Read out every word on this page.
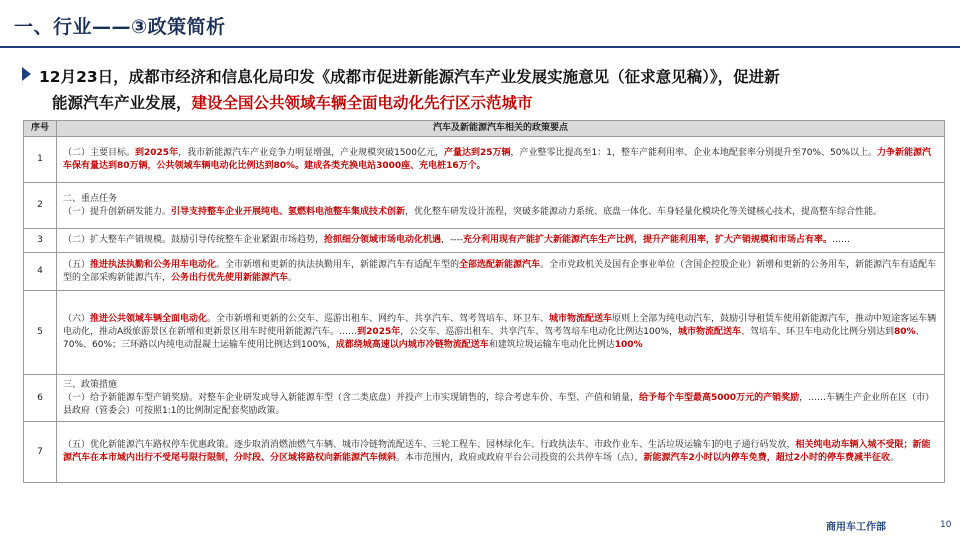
一、行业——③政策简析
12月23日，成都市经济和信息化局印发《成都市促进新能源汽车产业发展实施意见（征求意见稿）》，促进新
能源汽车产业发展，建设全国公共领域车辆全面电动化先行区示范城市
序号	汽车及新能源汽车相关的政策要点
1	（二）主要目标。到2025年，我市新能源汽车产业竞争力明显增强，产业规模突破1500亿元，产量达到25万辆，产业整零比提高至1：1，整车产能利用率、企业本地配套率分别提升至70%、50%以上。力争新能源汽车保有量达到80万辆，公共领域车辆电动化比例达到80%。建成各类充换电站3000座、充电桩16万个。

2	二、重点任务
（一）提升创新研发能力。引导支持整车企业开展纯电、氢燃料电池整车集成技术创新，优化整车研发设计流程，突破多能源动力系统、底盘一体化、车身轻量化模块化等关键核心技术，提高整车综合性能。

3	（二）扩大整车产销规模。鼓励引导传统整车企业紧跟市场趋势，抢抓细分领域市场电动化机遇，----充分利用现有产能扩大新能源汽车生产比例，提升产能利用率，扩大产销规模和市场占有率。……

4	（五）推进执法执勤和公务用车电动化。全市新增和更新的执法执勤用车，新能源汽车有适配车型的全部选配新能源汽车。全市党政机关及国有企事业单位（含国企控股企业）新增和更新的公务用车，新能源汽车有适配车型的全部采购新能源汽车，公务出行优先使用新能源汽车。

5	（六）推进公共领域车辆全面电动化。全市新增和更新的公交车、巡游出租车、网约车、共享汽车、驾考驾培车、环卫车、城市物流配送车原则上全部为纯电动汽车，鼓励引导租赁车使用新能源汽车，推动中短途客运车辆电动化，推动A级旅游景区在新增和更新景区用车时使用新能源汽车。……到2025年，公交车、巡游出租车、共享汽车、驾考驾培车电动化比例达100%，城市物流配送车、驾培车、环卫车电动化比例分别达到80%、70%、60%；三环路以内纯电动混凝土运输车使用比例达到100%，成都绕城高速以内城市冷链物流配送车和建筑垃圾运输车电动化比例达100%

6	三、政策措施
（一）给予新能源车型产销奖励。对整车企业研发或导入新能源车型（含二类底盘）并投产上市实现销售的，综合考虑车价、车型、产值和销量，给予每个车型最高5000万元的产销奖励，……车辆生产企业所在区（市）县政府（管委会）可按照1:1的比例制定配套奖励政策。

7	（五）优化新能源汽车路权停车优惠政策。逐步取消消燃油燃气车辆、城市冷链物流配送车、三轮工程车、园林绿化车、行政执法车、市政作业车、生活垃圾运输车]的电子通行码发放，相关纯电动车辆入城不受限；新能源汽车在本市域内出行不受尾号限行限制，分时段、分区域将路权向新能源汽车倾斜。本市范围内，政府或政府平台公司投资的公共停车场（点），新能源汽车2小时以内停车免费，超过2小时的停车费减半征收。
商用车工作部	10
